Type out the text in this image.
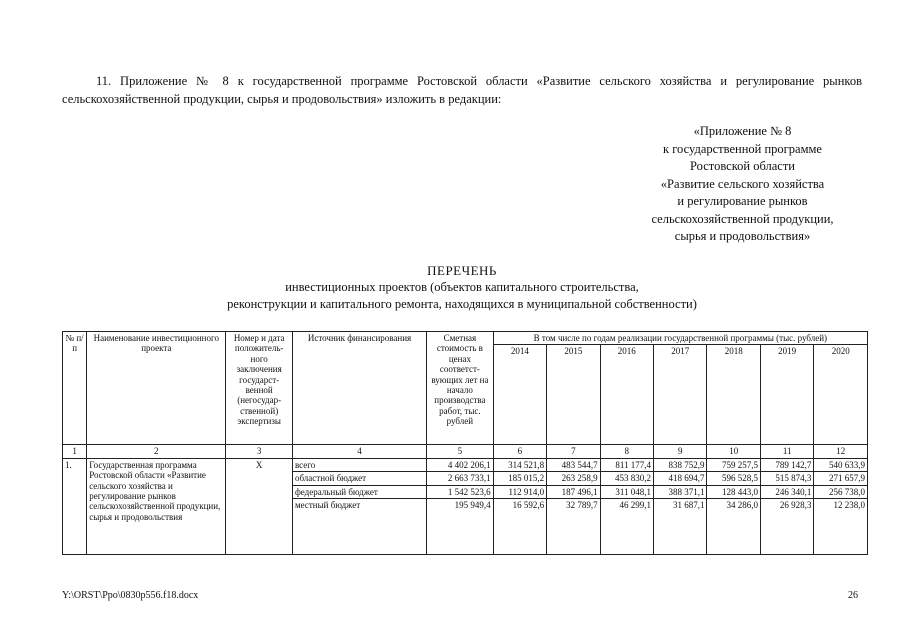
11. Приложение № 8 к государственной программе Ростовской области «Развитие сельского хозяйства и регулирование рынков сельскохозяйственной продукции, сырья и продовольствия» изложить в редакции:
«Приложение № 8
к государственной программе
Ростовской области
«Развитие сельского хозяйства
и регулирование рынков
сельскохозяйственной продукции,
сырья и продовольствия»
ПЕРЕЧЕНЬ
инвестиционных проектов (объектов капитального строительства,
реконструкции и капитального ремонта, находящихся в муниципальной собственности)
№ п/п	Наименование инвестиционного проекта	Номер и дата положитель-ного заключения государст-венной (негосудар-ственной) экспертизы	Источник финансирования	Сметная стоимость в ценах соответст-вующих лет на начало производства работ, тыс. рублей	В том числе по годам реализации государственной программы (тыс. рублей)						
					2014	2015	2016	2017	2018	2019	2020
1	2	3	4	5	6	7	8	9	10	11	12
1.	Государственная программа Ростовской области «Развитие сельского хозяйства и регулирование рынков сельскохозяйственной продукции, сырья и продовольствия	Х	всего	4 402 206,1	314 521,8	483 544,7	811 177,4	838 752,9	759 257,5	789 142,7	540 633,9
			областной бюджет	2 663 733,1	185 015,2	263 258,9	453 830,2	418 694,7	596 528,5	515 874,3	271 657,9
			федеральный бюджет	1 542 523,6	112 914,0	187 496,1	311 048,1	388 371,1	128 443,0	246 340,1	256 738,0
			местный бюджет	195 949,4	16 592,6	32 789,7	46 299,1	31 687,1	34 286,0	26 928,3	12 238,0
Y:\ORST\Ppo\0830p556.f18.docx	26
